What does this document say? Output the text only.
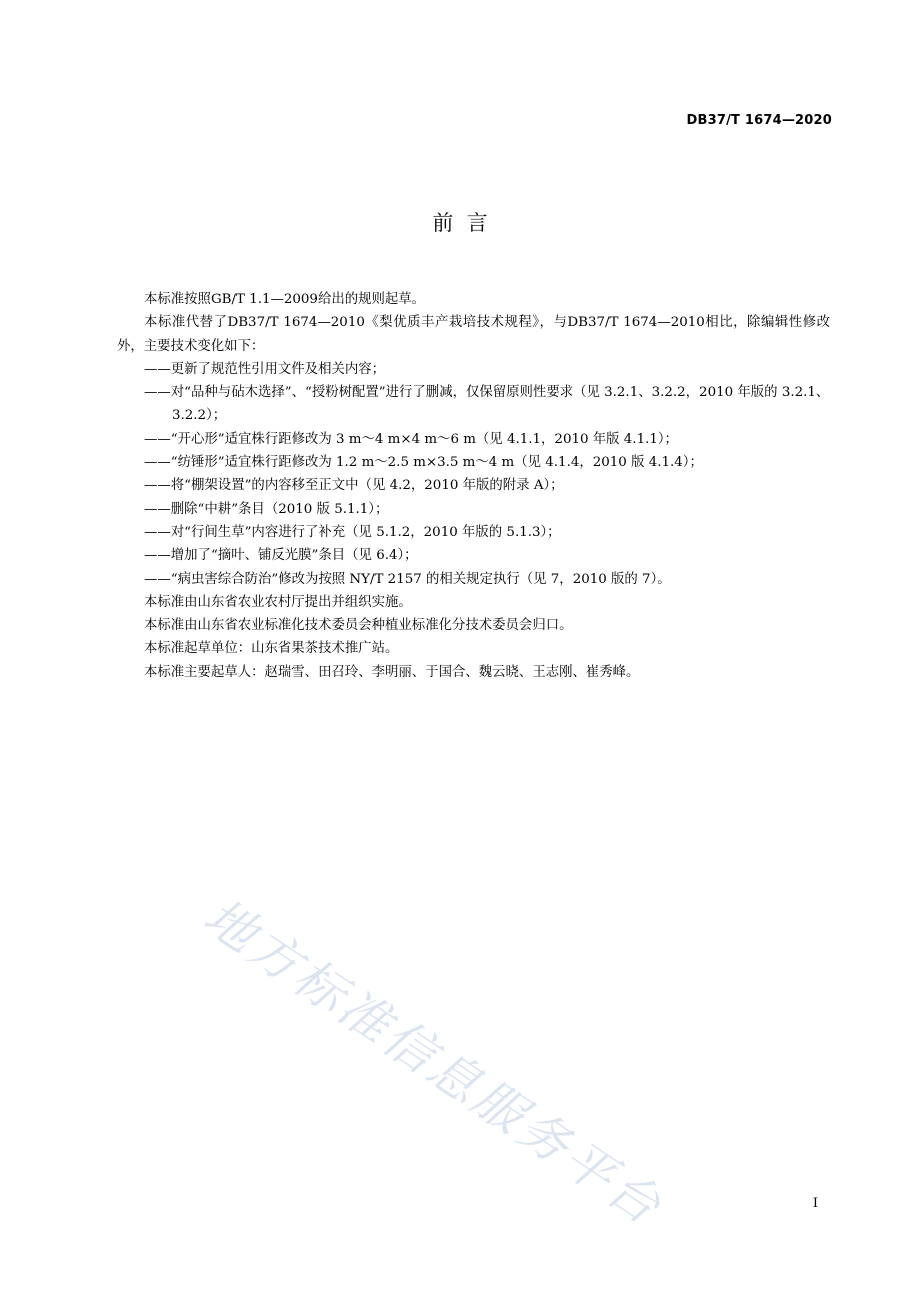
DB37/T 1674—2020
前  言

本标准按照GB/T 1.1—2009给出的规则起草。

本标准代替了DB37/T 1674—2010《梨优质丰产栽培技术规程》，与DB37/T 1674—2010相比，除编辑性修改外，主要技术变化如下：

——更新了规范性引用文件及相关内容；

——对“品种与砧木选择”、“授粉树配置”进行了删减，仅保留原则性要求（见 3.2.1、3.2.2，2010 年版的 3.2.1、3.2.2）；

——“开心形”适宜株行距修改为 3 m～4 m×4 m～6 m（见 4.1.1，2010 年版 4.1.1）；

——“纺锤形”适宜株行距修改为 1.2 m～2.5 m×3.5 m～4 m（见 4.1.4，2010 版 4.1.4）；

——将“棚架设置”的内容移至正文中（见 4.2，2010 年版的附录 A）；

——删除“中耕”条目（2010 版 5.1.1）；

——对“行间生草”内容进行了补充（见 5.1.2，2010 年版的 5.1.3）；

——增加了“摘叶、铺反光膜”条目（见 6.4）；

——“病虫害综合防治”修改为按照 NY/T 2157 的相关规定执行（见 7，2010 版的 7）。

本标准由山东省农业农村厅提出并组织实施。

本标准由山东省农业标准化技术委员会种植业标准化分技术委员会归口。

本标准起草单位：山东省果茶技术推广站。

本标准主要起草人：赵瑞雪、田召玲、李明丽、于国合、魏云晓、王志刚、崔秀峰。

地方标准信息服务平台	I
